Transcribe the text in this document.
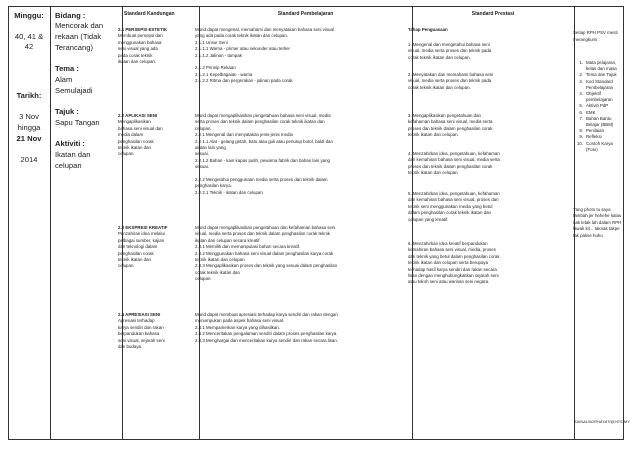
Minggu:
40, 41 &
42
Tarikh:
3 Nov
hingga
21 Nov
2014
Bidang :
Mencorak dan
rekaan (Tidak
Terancang)
Tema :
Alam
Semulajadi
Tajuk :
Sapu Tangan
Aktiviti :
Ikatan dan
celupan
Standard Kandungan	Standard Pembelajaran	Standard Prestasi
2.1 PERSEPSI ESTETIK
Membuat persepsi dan
menggunakan bahasa
seni visual yang ada
pada corak teknik
ikatan dan celupan.
2.2 APLIKASI SENI
Mengaplikasikan
bahasa seni visual dan
media dalam
penghasilan corak
teknik ikatan dan
celupan.
2.3 EKSPRESI KREATIF
Penzahiran idea melalui
pelbagai sumber, kajian
dan teknologi dalam
penghasilan corak
teknik ikatan dan
celupan.
2.4 APRESIASI SENI
Apresiasi terhadap
karya sendiri dan rakan
berpandukan bahasa
seni visual, sejarah seni
dan budaya.
Murid dapat mengenal, memahami dan menyatakan bahasa seni visual
yang ada pada corak teknik ikatan dan celupan.
2.1.1 Unsur Seni
2.1.1.1 Warna - primer atau sekunder atau tertier
2.1.1.2 Jalinan - tampak
2.1.2 Prinsip Rekaan
2.1.2.1 Kepelbagaian - warna
2.1.2.2 Ritma dan pergerakan - jalinan pada corak
Murid dapat mengaplikasikan pengetahuan bahasa seni visual, media
serta proses dan teknik dalam penghasilan corak teknik ikatan dan
celupan.
2.2.1 Mengenal dan menyatakan jenis-jenis media
2.2.1.1 Alat - gelang getah, batu atau guli atau penutup botol, baldi dan
alatan lain yang
sesuai.
2.2.1.2 Bahan - kain kapas putih, pewarna fabrik dan bahan lain yang
sesuai.
2.2.2 Mengetahui penggunaan media serta proses dan teknik dalam
penghasilan karya.
2.2.2.1 Teknik - ikatan dan celupan
Murid dapat mengaplikasikan pengetahuan dan kefahaman bahasa seni
visual, media serta proses dan teknik dalam penghasilan corak teknik
ikatan dan celupan secara kreatif.
2.3.1 Memilih dan memanipulasi bahan secara kreatif.
2.3.2 Menggunakan bahasa seni visual dalam penghasilan karya corak
teknik ikatan dan celupan.
2.3.3 Mengaplikasikan proses dan teknik yang sesuai dalam penghasilan
corak teknik ikatan dan
celupan.
Murid dapat membuat apresiasi terhadap karya sendiri dan rakan dengan
menumpukan pada aspek bahasa seni visual.
2.4.1 Mempamerkan karya yang dihasilkan.
2.4.2 Menceritakan pengalaman sendiri dalam proses penghasilan karya.
2.4.3 Menghargai dan menceritakan karya sendiri dan rakan secara lisan.
Tahap Penguasaan
1. Mengenal dan mengetahui bahasa seni
visual, media serta proses dan teknik pada
corak teknik ikatan dan celupan.
2. Menyatakan dan memahami bahasa seni
visual, media serta proses dan teknik pada
corak teknik ikatan dan celupan.
3. Mengaplikasikan pengetahuan dan
kefahaman bahasa seni visual, media serta
proses dan teknik dalam penghasilan corak
teknik ikatan dan celupan.
4. Menzahirkan idea, pengetahuan, kefahaman
dan kemahiran bahasa seni visual, media serta
proses dan teknik dalam penghasilan corak
teknik ikatan dan celupan.
5. Menzahirkan idea, pengetahuan, kefahaman
dan kemahiran bahasa seni visual, proses dan
teknik seni menggunakan media yang betul
dalam penghasilan corak teknik ikatan dan
celupan yang kreatif.
6. Menzahirkan idea kreatif berpandukan
kemahiran bahasa seni visual, media, proses
dan teknik yang betul dalam penghasilan corak
teknik ikatan dan celupan serta berupaya
terhadap hasil karya sendiri dan rakan secara
lisan dengan menghubungkaitkan sejarah seni
atau tokoh seni atau warisan seni negara.
Setiap RPH PSV mesti
merangkumi :
1. Mata pelajaran,
kelas dan masa
2. Tema dan Tajuk
3. Kod Standard
Pembelajaran
4. Objektif
pembelajaran
5. Aktiviti PdP
6. EMK
7. Bahan Bantu
Belajar (BBM)
8. Penilaian
9. Refleksi
10. Contoh Karya
(Foto)
Yang photo tu saya
tambah jer hehehe kalau
nak letak lah dalam RPH
lawak kit .. taknak takpe
tak pakse huhu
ZAINALNORHAYATI@YES.MY
